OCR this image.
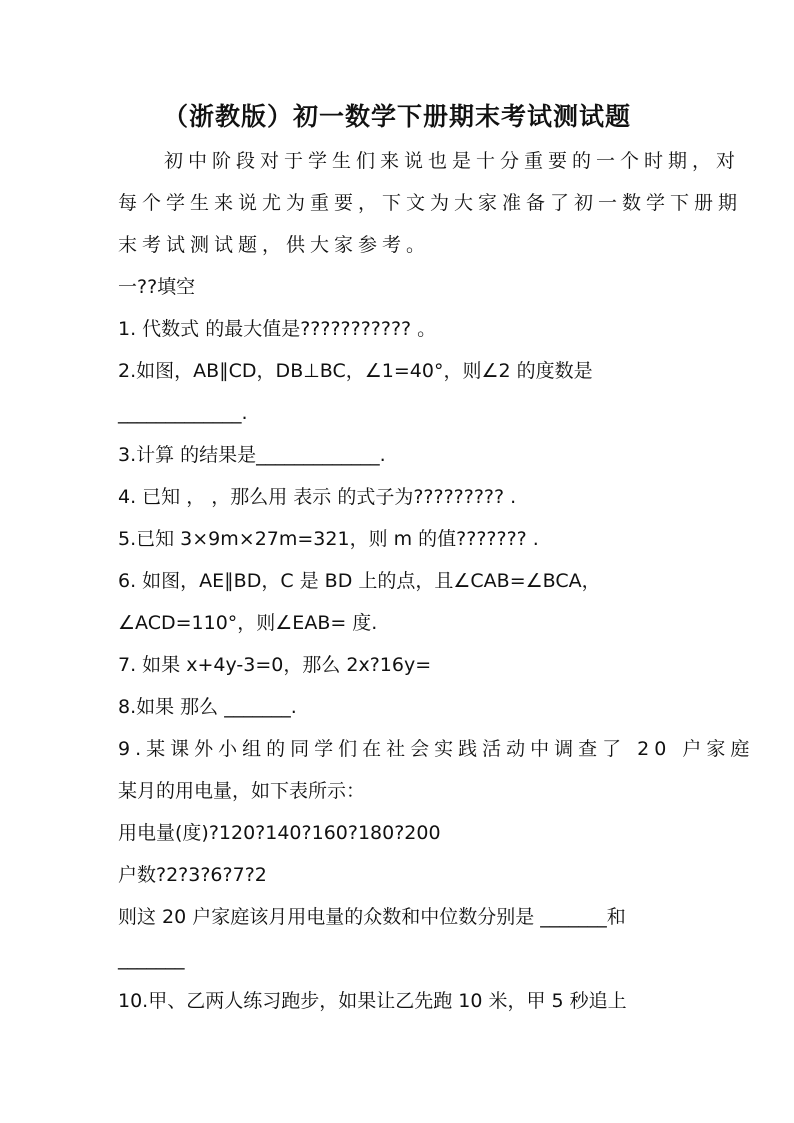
（浙教版）初一数学下册期末考试测试题
初中阶段对于学生们来说也是十分重要的一个时期，对
每个学生来说尤为重要，下文为大家准备了初一数学下册期
末考试测试题，供大家参考。
一??填空
1. 代数式 的最大值是??????????? 。
2.如图，AB∥CD，DB⊥BC，∠1=40°，则∠2 的度数是
_____________.
3.计算 的结果是_____________.
4. 已知 ， ，那么用 表示 的式子为????????? .
5.已知 3×9m×27m=321，则 m 的值??????? .
6. 如图，AE∥BD，C 是 BD 上的点，且∠CAB=∠BCA，
∠ACD=110°，则∠EAB= 度.
7. 如果 x+4y-3=0，那么 2x?16y=
8.如果 那么 _______.
9.某课外小组的同学们在社会实践活动中调查了 20 户家庭
某月的用电量，如下表所示：
用电量(度)?120?140?160?180?200
户数?2?3?6?7?2
则这 20 户家庭该月用电量的众数和中位数分别是 _______和
_______
10.甲、乙两人练习跑步，如果让乙先跑 10 米，甲 5 秒追上
